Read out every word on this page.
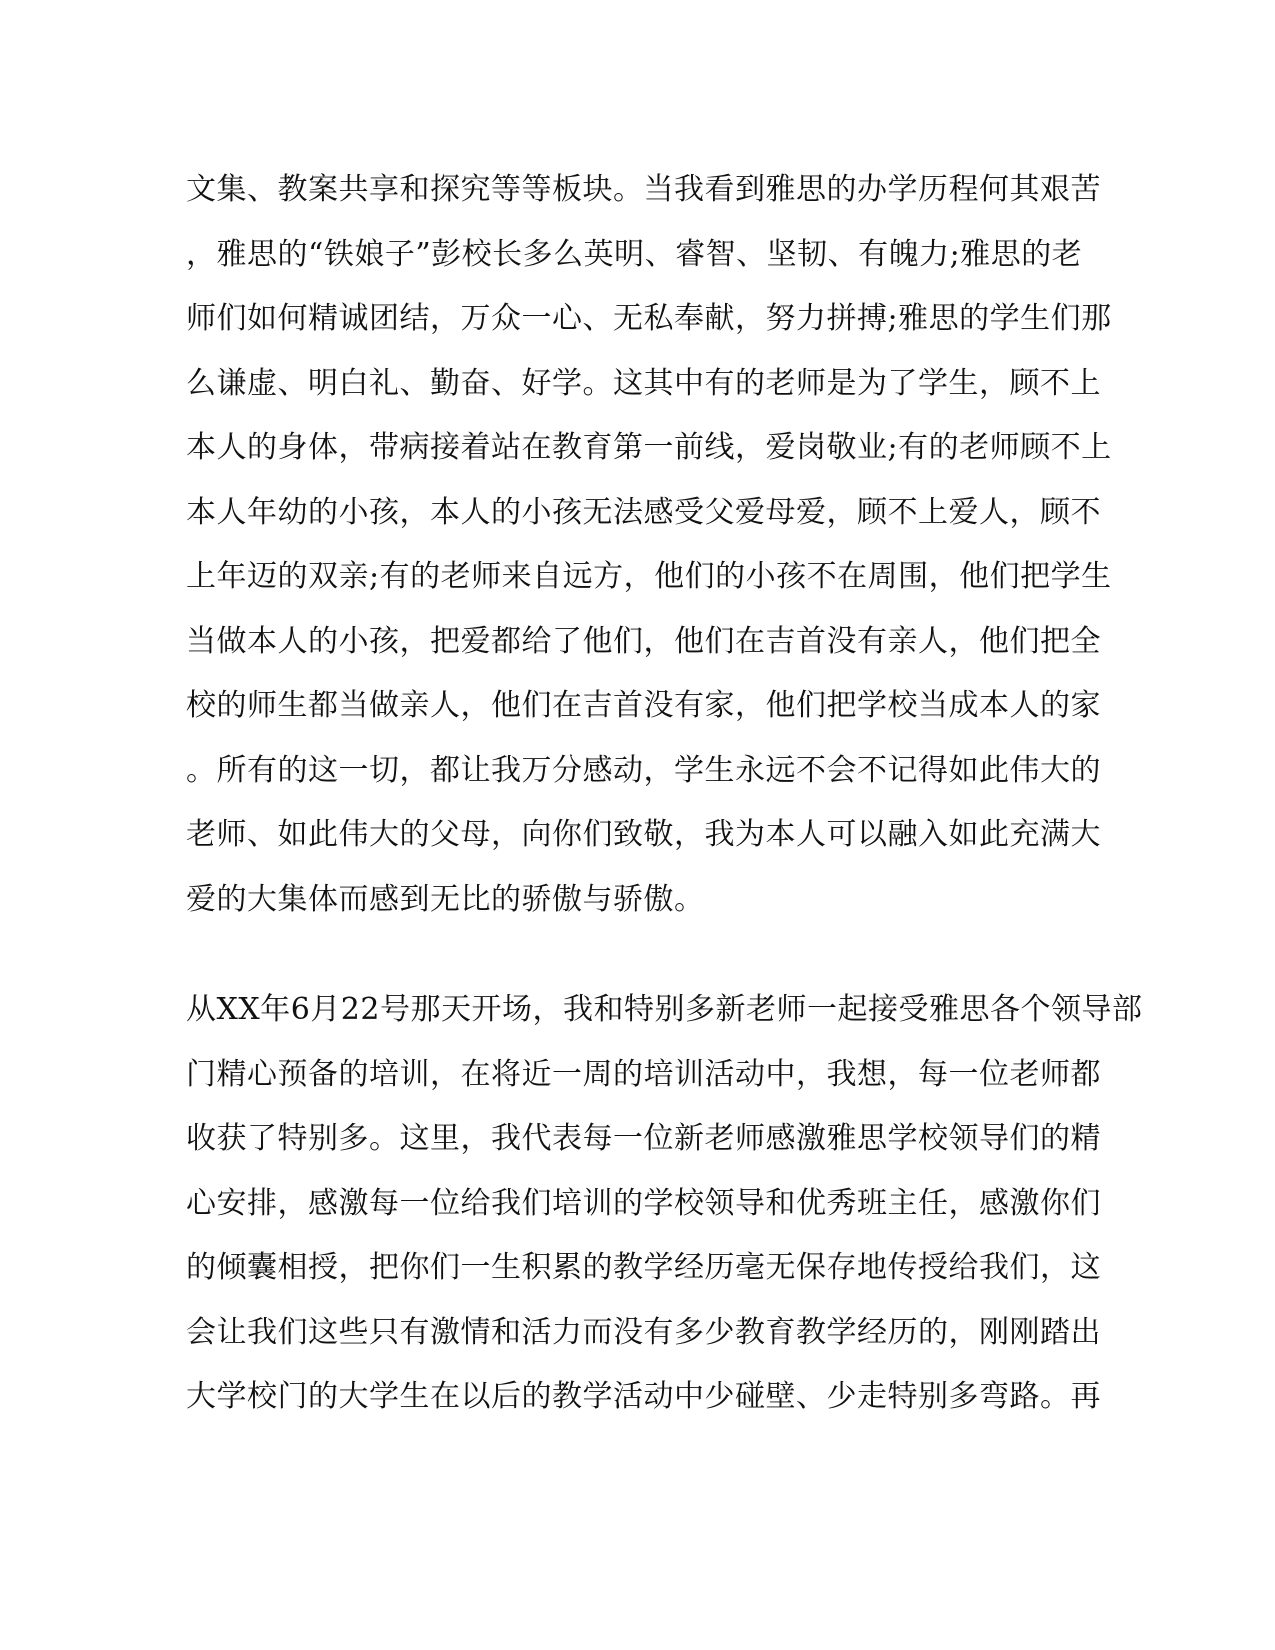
文集、教案共享和探究等等板块。当我看到雅思的办学历程何其艰苦
，雅思的“铁娘子”彭校长多么英明、睿智、坚韧、有魄力;雅思的老
师们如何精诚团结，万众一心、无私奉献，努力拼搏;雅思的学生们那
么谦虚、明白礼、勤奋、好学。这其中有的老师是为了学生，顾不上
本人的身体，带病接着站在教育第一前线，爱岗敬业;有的老师顾不上
本人年幼的小孩，本人的小孩无法感受父爱母爱，顾不上爱人，顾不
上年迈的双亲;有的老师来自远方，他们的小孩不在周围，他们把学生
当做本人的小孩，把爱都给了他们，他们在吉首没有亲人，他们把全
校的师生都当做亲人，他们在吉首没有家，他们把学校当成本人的家
。所有的这一切，都让我万分感动，学生永远不会不记得如此伟大的
老师、如此伟大的父母，向你们致敬，我为本人可以融入如此充满大
爱的大集体而感到无比的骄傲与骄傲。
从XX年6月22号那天开场，我和特别多新老师一起接受雅思各个领导部
门精心预备的培训，在将近一周的培训活动中，我想，每一位老师都
收获了特别多。这里，我代表每一位新老师感激雅思学校领导们的精
心安排，感激每一位给我们培训的学校领导和优秀班主任，感激你们
的倾囊相授，把你们一生积累的教学经历毫无保存地传授给我们，这
会让我们这些只有激情和活力而没有多少教育教学经历的，刚刚踏出
大学校门的大学生在以后的教学活动中少碰壁、少走特别多弯路。再
